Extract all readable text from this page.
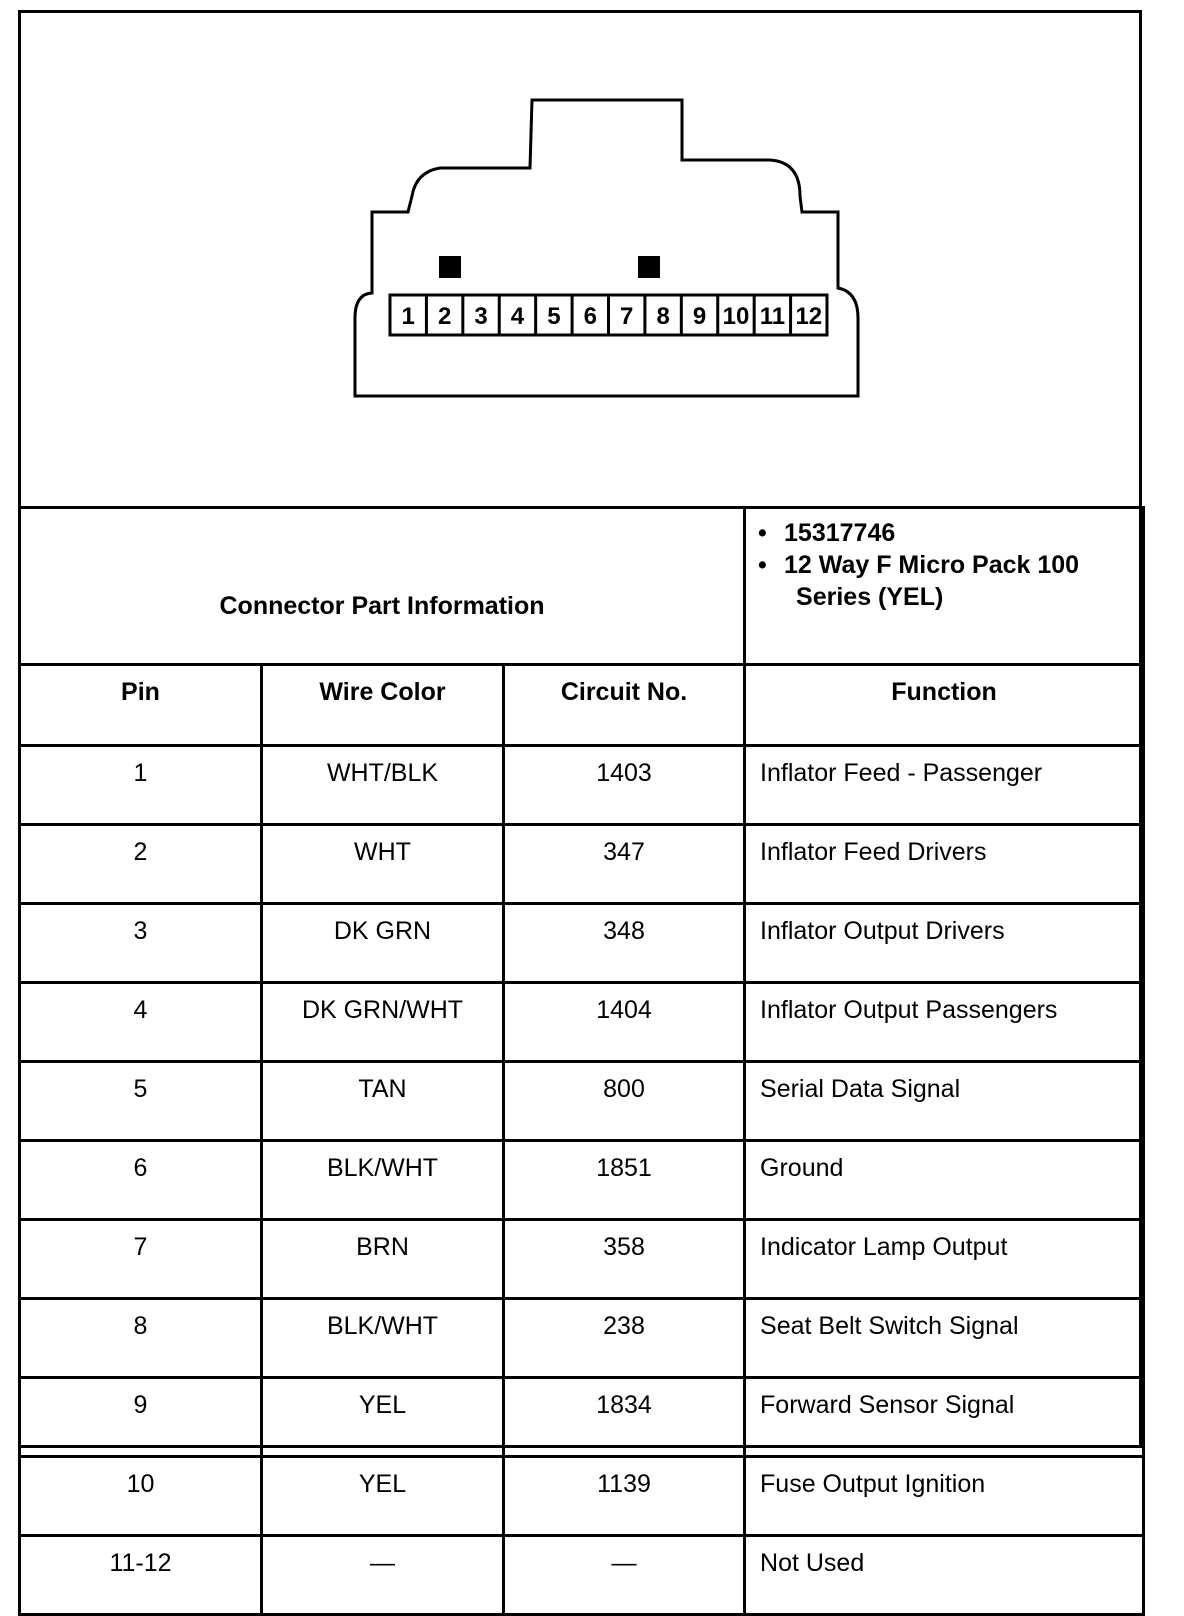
1 2 3 4 5 6 7 8 9 10 11 12
Connector Part Information			• 15317746
• 12 Way F Micro Pack 100
Series (YEL)

Pin	Wire Color	Circuit No.	Function
1	WHT/BLK	1403	Inflator Feed - Passenger
2	WHT	347	Inflator Feed Drivers
3	DK GRN	348	Inflator Output Drivers
4	DK GRN/WHT	1404	Inflator Output Passengers
5	TAN	800	Serial Data Signal
6	BLK/WHT	1851	Ground
7	BRN	358	Indicator Lamp Output
8	BLK/WHT	238	Seat Belt Switch Signal
9	YEL	1834	Forward Sensor Signal
10	YEL	1139	Fuse Output Ignition
11-12	—	—	Not Used
